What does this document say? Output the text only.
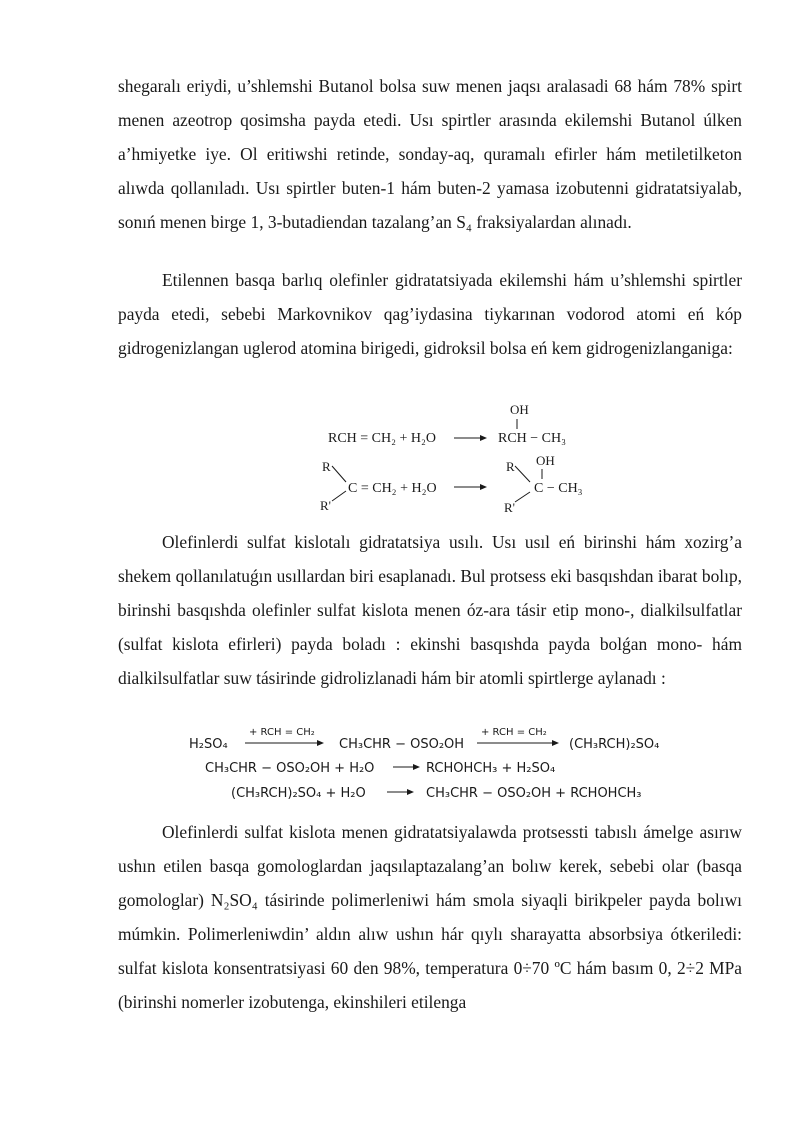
shegaralı eriydi, u’shlemshi Butanol bolsa suw menen jaqsı aralasadi 68 hám 78% spirt menen azeotrop qosimsha payda etedi. Usı spirtler arasında ekilemshi Butanol úlken a’hmiyetke iye. Ol eritiwshi retinde, sonday-aq, quramalı efirler hám metiletilketon alıwda qollanıladı. Usı spirtler buten-1 hám buten-2 yamasa izobutenni gidratatsiyalab, sonıń menen birge 1, 3-butadiendan tazalang’an S₄ fraksiyalardan alınadı.

Etilennen basqa barlıq olefinler gidratatsiyada ekilemshi hám u’shlemshi spirtler payda etedi, sebebi Markovnikov qag’iydasina tiykarınan vodorod atomi eń kóp gidrogenizlangan uglerod atomina birigedi, gidroksil bolsa eń kem gidrogenizlanganiga:

RCH = CH₂ + H₂O
OH
RCH − CH₃
R
R'
C = CH₂ + H₂O
R
R'
OH
C − CH₃

Olefinlerdi sulfat kislotalı gidratatsiya usılı. Usı usıl eń birinshi hám xozirg’a shekem qollanılatuǵın usıllardan biri esaplanadı. Bul protsess eki basqıshdan ibarat bolıp, birinshi basqıshda olefinler sulfat kislota menen óz-ara tásir etip mono-, dialkilsulfatlar (sulfat kislota efirleri) payda boladı : ekinshi basqıshda payda bolǵan mono- hám dialkilsulfatlar suw tásirinde gidrolizlanadi hám bir atomli spirtlerge aylanadı :

H₂SO₄
+ RCH = CH₂
CH₃CHR − OSO₂OH
+ RCH = CH₂
(CH₃RCH)₂SO₄
CH₃CHR − OSO₂OH + H₂O	RCHOHCH₃ + H₂SO₄
(CH₃RCH)₂SO₄ + H₂O	CH₃CHR − OSO₂OH + RCHOHCH₃

Olefinlerdi sulfat kislota menen gidratatsiyalawda protsessti tabıslı ámelge asırıw ushın etilen basqa gomologlardan jaqsılaptazalang’an bolıw kerek, sebebi olar (basqa gomologlar) N₂SO₄ tásirinde polimerleniwi hám smola siyaqli birikpeler payda bolıwı múmkin. Polimerleniwdin’ aldın alıw ushın hár qıylı sharayatta absorbsiya ótkeriledi: sulfat kislota konsentratsiyasi 60 den 98%, temperatura 0÷70 ºC hám basım 0, 2÷2 MPa (birinshi nomerler izobutenga, ekinshileri etilenga
